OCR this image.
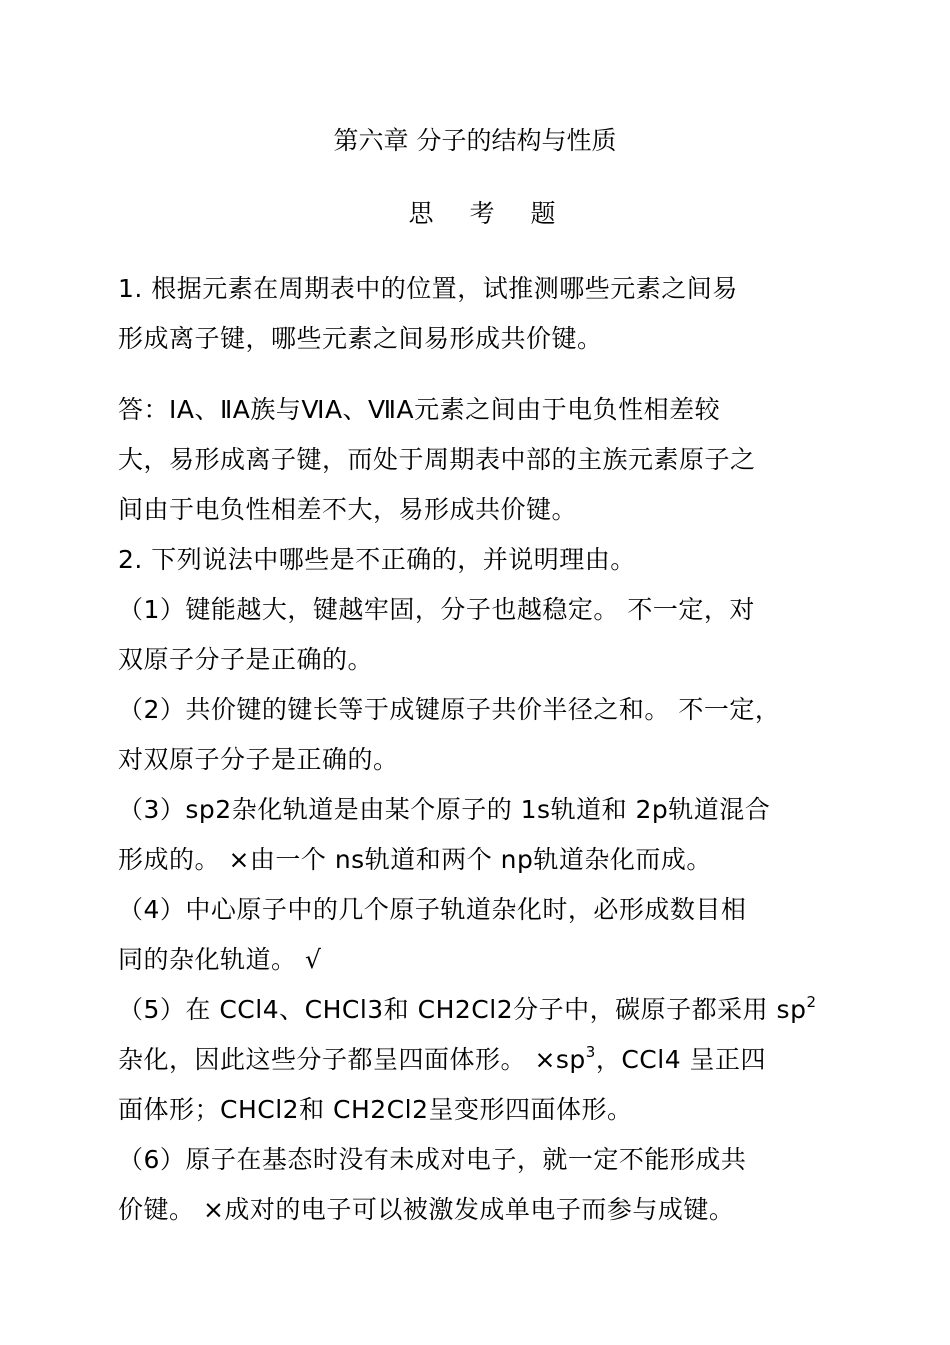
第六章 分子的结构与性质
思 考 题
1. 根据元素在周期表中的位置，试推测哪些元素之间易
形成离子键，哪些元素之间易形成共价键。
答：ⅠA、ⅡA族与ⅥA、ⅦA元素之间由于电负性相差较
大，易形成离子键，而处于周期表中部的主族元素原子之
间由于电负性相差不大，易形成共价键。
2. 下列说法中哪些是不正确的，并说明理由。
（1）键能越大，键越牢固，分子也越稳定。 不一定，对
双原子分子是正确的。
（2）共价键的键长等于成键原子共价半径之和。 不一定，
对双原子分子是正确的。
（3）sp2杂化轨道是由某个原子的 1s轨道和 2p轨道混合
形成的。 ×由一个 ns轨道和两个 np轨道杂化而成。
（4）中心原子中的几个原子轨道杂化时，必形成数目相
同的杂化轨道。 √
（5）在 CCl4、CHCl3和 CH2Cl2分子中，碳原子都采用 $sp^2$
杂化，因此这些分子都呈四面体形。 $\times sp^3$，CCl4 呈正四
面体形；CHCl2和 CH2Cl2呈变形四面体形。
（6）原子在基态时没有未成对电子，就一定不能形成共
价键。 ×成对的电子可以被激发成单电子而参与成键。
